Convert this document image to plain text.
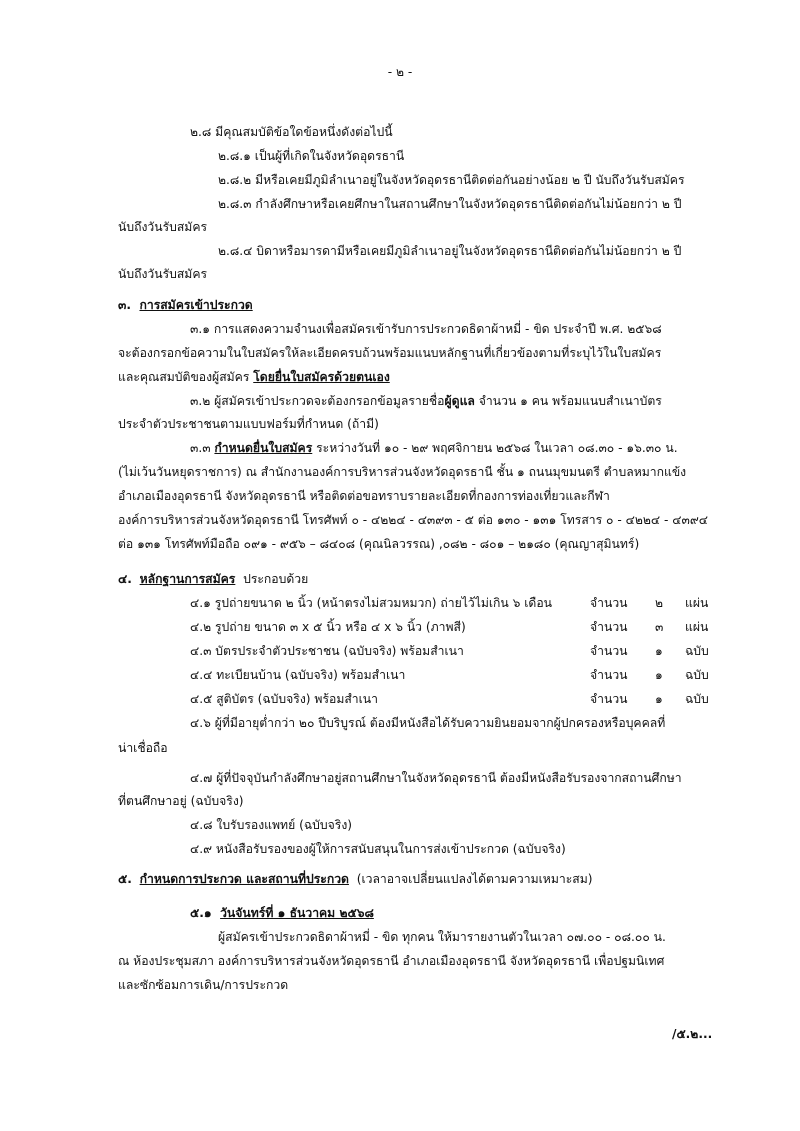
- ๒ -
๒.๘ มีคุณสมบัติข้อใดข้อหนึ่งดังต่อไปนี้
๒.๘.๑ เป็นผู้ที่เกิดในจังหวัดอุดรธานี
๒.๘.๒ มีหรือเคยมีภูมิลำเนาอยู่ในจังหวัดอุดรธานีติดต่อกันอย่างน้อย ๒ ปี นับถึงวันรับสมัคร
๒.๘.๓ กำลังศึกษาหรือเคยศึกษาในสถานศึกษาในจังหวัดอุดรธานีติดต่อกันไม่น้อยกว่า ๒ ปี
นับถึงวันรับสมัคร
๒.๘.๔ บิดาหรือมารดามีหรือเคยมีภูมิลำเนาอยู่ในจังหวัดอุดรธานีติดต่อกันไม่น้อยกว่า ๒ ปี
นับถึงวันรับสมัคร
๓. การสมัครเข้าประกวด
๓.๑ การแสดงความจำนงเพื่อสมัครเข้ารับการประกวดธิดาผ้าหมี่ - ขิด ประจำปี พ.ศ. ๒๕๖๘
จะต้องกรอกข้อความในใบสมัครให้ละเอียดครบถ้วนพร้อมแนบหลักฐานที่เกี่ยวข้องตามที่ระบุไว้ในใบสมัคร
และคุณสมบัติของผู้สมัคร โดยยื่นใบสมัครด้วยตนเอง
๓.๒ ผู้สมัครเข้าประกวดจะต้องกรอกข้อมูลรายชื่อผู้ดูแล จำนวน ๑ คน พร้อมแนบสำเนาบัตร
ประจำตัวประชาชนตามแบบฟอร์มที่กำหนด (ถ้ามี)
๓.๓ กำหนดยื่นใบสมัคร ระหว่างวันที่ ๑๐ - ๒๙ พฤศจิกายน ๒๕๖๘ ในเวลา ๐๘.๓๐ - ๑๖.๓๐ น.
(ไม่เว้นวันหยุดราชการ) ณ สำนักงานองค์การบริหารส่วนจังหวัดอุดรธานี ชั้น ๑ ถนนมุขมนตรี ตำบลหมากแข้ง
อำเภอเมืองอุดรธานี จังหวัดอุดรธานี หรือติดต่อขอทราบรายละเอียดที่กองการท่องเที่ยวและกีฬา
องค์การบริหารส่วนจังหวัดอุดรธานี โทรศัพท์ ๐ - ๔๒๒๔ - ๔๓๙๓ - ๕ ต่อ ๑๓๐ - ๑๓๑ โทรสาร ๐ - ๔๒๒๔ - ๔๓๙๔
ต่อ ๑๓๑ โทรศัพท์มือถือ ๐๙๑ - ๙๕๖ – ๘๔๐๘ (คุณนิลวรรณ) ,๐๘๒ - ๘๐๑ – ๒๑๘๐ (คุณญาสุมินทร์)
๔. หลักฐานการสมัคร ประกอบด้วย
๔.๑ รูปถ่ายขนาด ๒ นิ้ว (หน้าตรงไม่สวมหมวก) ถ่ายไว้ไม่เกิน ๖ เดือน	จำนวน ๒ แผ่น
๔.๒ รูปถ่าย ขนาด ๓ x ๕ นิ้ว หรือ ๔ x ๖ นิ้ว (ภาพสี)	จำนวน ๓ แผ่น
๔.๓ บัตรประจำตัวประชาชน (ฉบับจริง) พร้อมสำเนา	จำนวน ๑ ฉบับ
๔.๔ ทะเบียนบ้าน (ฉบับจริง) พร้อมสำเนา	จำนวน ๑ ฉบับ
๔.๕ สูติบัตร (ฉบับจริง) พร้อมสำเนา	จำนวน ๑ ฉบับ
๔.๖ ผู้ที่มีอายุต่ำกว่า ๒๐ ปีบริบูรณ์ ต้องมีหนังสือได้รับความยินยอมจากผู้ปกครองหรือบุคคลที่
น่าเชื่อถือ
๔.๗ ผู้ที่ปัจจุบันกำลังศึกษาอยู่สถานศึกษาในจังหวัดอุดรธานี ต้องมีหนังสือรับรองจากสถานศึกษา
ที่ตนศึกษาอยู่ (ฉบับจริง)
๔.๘ ใบรับรองแพทย์ (ฉบับจริง)
๔.๙ หนังสือรับรองของผู้ให้การสนับสนุนในการส่งเข้าประกวด (ฉบับจริง)
๕. กำหนดการประกวด และสถานที่ประกวด (เวลาอาจเปลี่ยนแปลงได้ตามความเหมาะสม)
๕.๑ วันจันทร์ที่ ๑ ธันวาคม ๒๕๖๘
ผู้สมัครเข้าประกวดธิดาผ้าหมี่ - ขิด ทุกคน ให้มารายงานตัวในเวลา ๐๗.๐๐ - ๐๘.๐๐ น.
ณ ห้องประชุมสภา องค์การบริหารส่วนจังหวัดอุดรธานี อำเภอเมืองอุดรธานี จังหวัดอุดรธานี เพื่อปฐมนิเทศ
และซักซ้อมการเดิน/การประกวด
/๕.๒...
